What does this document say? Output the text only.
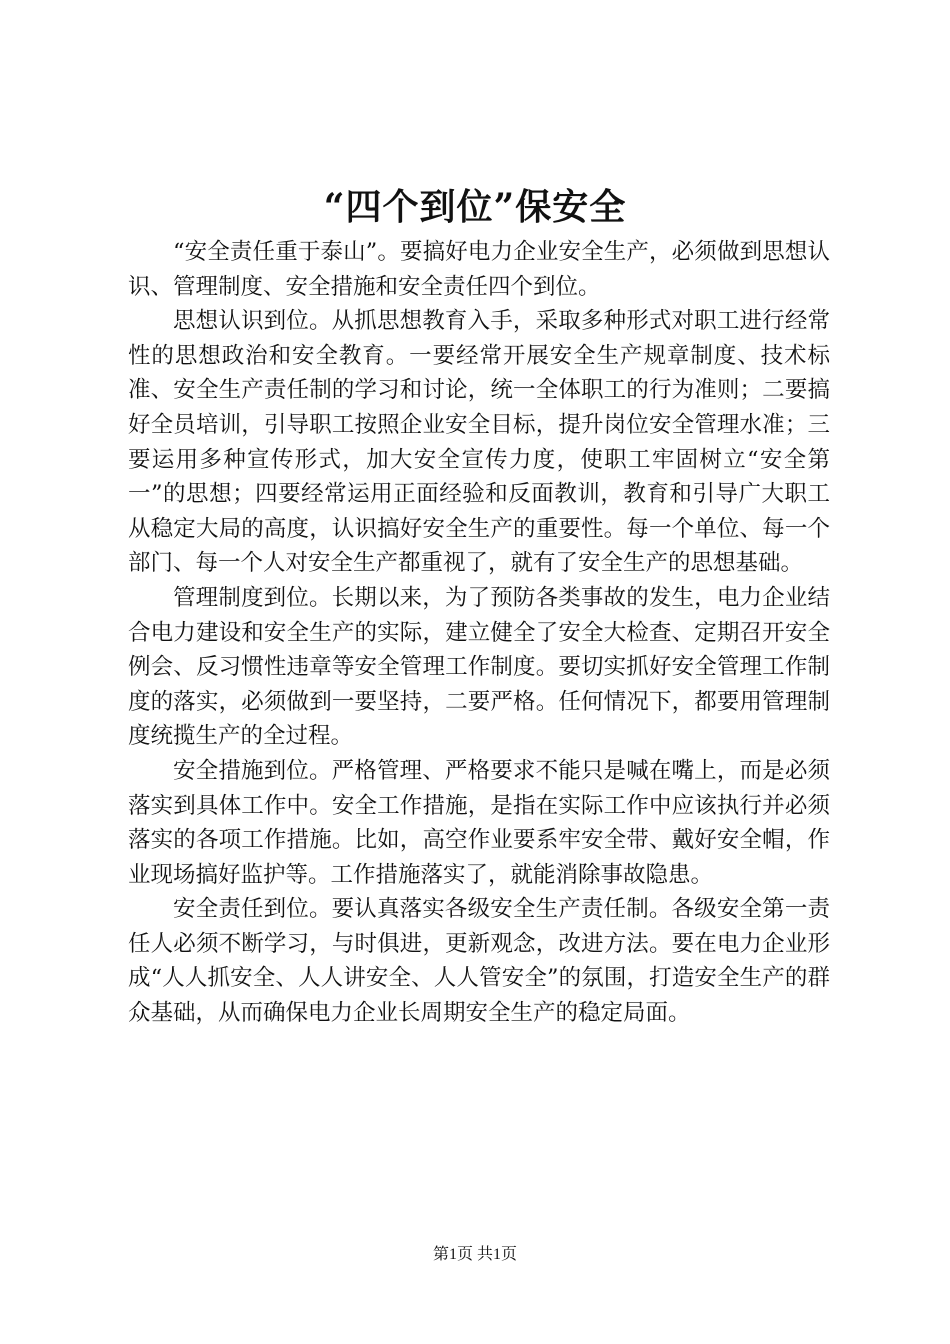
“四个到位”保安全

“安全责任重于泰山”。要搞好电力企业安全生产，必须做到思想认识、管理制度、安全措施和安全责任四个到位。

思想认识到位。从抓思想教育入手，采取多种形式对职工进行经常性的思想政治和安全教育。一要经常开展安全生产规章制度、技术标准、安全生产责任制的学习和讨论，统一全体职工的行为准则；二要搞好全员培训，引导职工按照企业安全目标，提升岗位安全管理水准；三要运用多种宣传形式，加大安全宣传力度，使职工牢固树立“安全第一”的思想；四要经常运用正面经验和反面教训，教育和引导广大职工从稳定大局的高度，认识搞好安全生产的重要性。每一个单位、每一个部门、每一个人对安全生产都重视了，就有了安全生产的思想基础。

管理制度到位。长期以来，为了预防各类事故的发生，电力企业结合电力建设和安全生产的实际，建立健全了安全大检查、定期召开安全例会、反习惯性违章等安全管理工作制度。要切实抓好安全管理工作制度的落实，必须做到一要坚持，二要严格。任何情况下，都要用管理制度统揽生产的全过程。

安全措施到位。严格管理、严格要求不能只是喊在嘴上，而是必须落实到具体工作中。安全工作措施，是指在实际工作中应该执行并必须落实的各项工作措施。比如，高空作业要系牢安全带、戴好安全帽，作业现场搞好监护等。工作措施落实了，就能消除事故隐患。

安全责任到位。要认真落实各级安全生产责任制。各级安全第一责任人必须不断学习，与时俱进，更新观念，改进方法。要在电力企业形成“人人抓安全、人人讲安全、人人管安全”的氛围，打造安全生产的群众基础，从而确保电力企业长周期安全生产的稳定局面。

第1页 共1页
